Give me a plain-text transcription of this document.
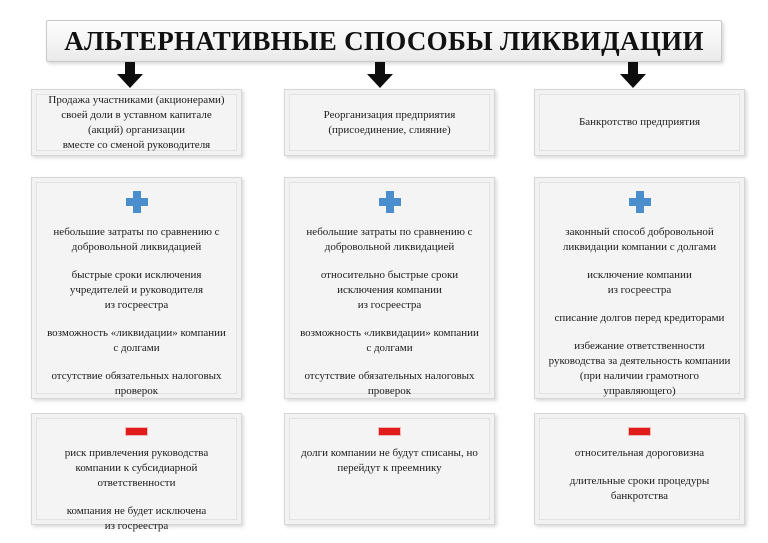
АЛЬТЕРНАТИВНЫЕ СПОСОБЫ ЛИКВИДАЦИИ
Продажа участниками (акционерами)
своей доли в уставном капитале
(акций) организации
вместе со сменой руководителя
Реорганизация предприятия
(присоединение, слияние)
Банкротство предприятия
небольшие затраты по сравнению с
добровольной ликвидацией
быстрые сроки исключения
учредителей и руководителя
из госреестра
возможность «ликвидации» компании
с долгами
отсутствие обязательных налоговых
проверок
небольшие затраты по сравнению с
добровольной ликвидацией
относительно быстрые сроки
исключения компании
из госреестра
возможность «ликвидации» компании
с долгами
отсутствие обязательных налоговых
проверок
законный способ добровольной
ликвидации компании с долгами
исключение компании
из госреестра
списание долгов перед кредиторами
избежание ответственности
руководства за деятельность компании
(при наличии грамотного
управляющего)
риск привлечения руководства
компании к субсидиарной
ответственности
компания не будет исключена
из госреестра
долги компании не будут списаны, но
перейдут к преемнику
относительная дороговизна
длительные сроки процедуры
банкротства
